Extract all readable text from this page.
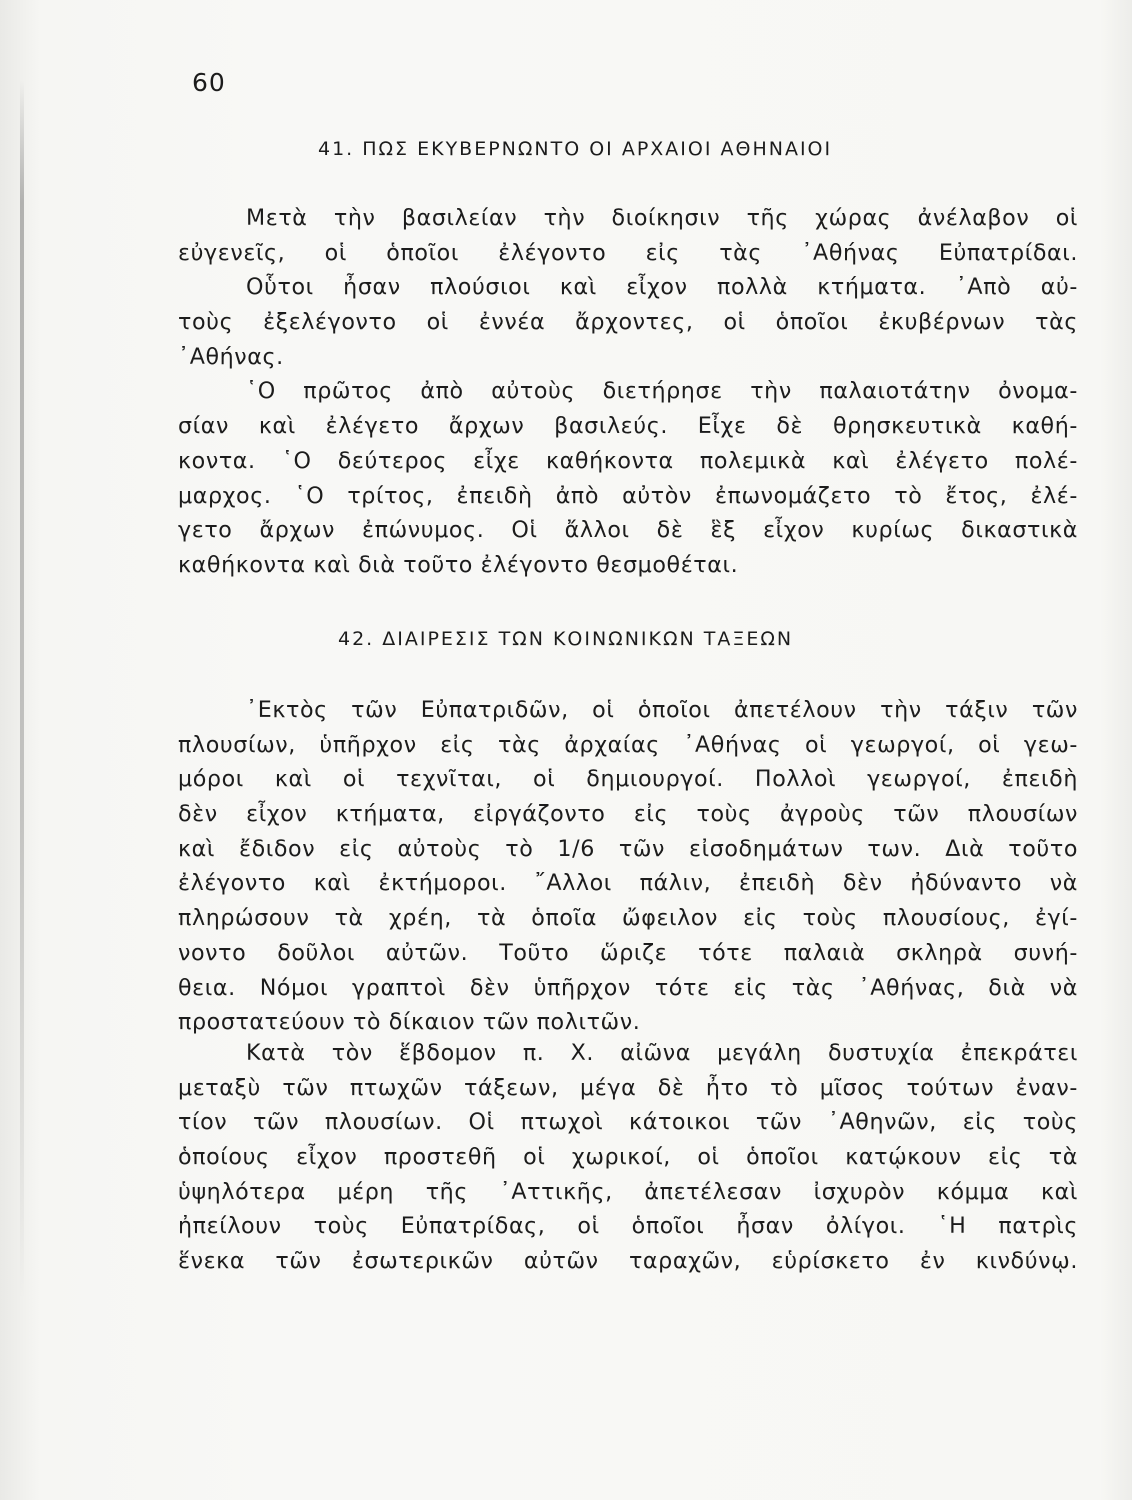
60
41. ΠΩΣ ΕΚΥΒΕΡΝΩΝΤΟ ΟΙ ΑΡΧΑΙΟΙ ΑΘΗΝΑΙΟΙ
Μετὰ τὴν βασιλείαν τὴν διοίκησιν τῆς χώρας ἀνέλαβον οἱ
εὐγενεῖς, οἱ ὁποῖοι ἐλέγοντο εἰς τὰς ᾿Αθήνας Εὐπατρίδαι.
Οὗτοι ἦσαν πλούσιοι καὶ εἶχον πολλὰ κτήματα. ᾿Απὸ αὐ-
τοὺς ἐξελέγοντο οἱ ἐννέα ἄρχοντες, οἱ ὁποῖοι ἐκυβέρνων τὰς
᾿Αθήνας.
῾Ο πρῶτος ἀπὸ αὐτοὺς διετήρησε τὴν παλαιοτάτην ὀνομα-
σίαν καὶ ἐλέγετο ἄρχων βασιλεύς. Εἶχε δὲ θρησκευτικὰ καθή-
κοντα. ῾Ο δεύτερος εἶχε καθήκοντα πολεμικὰ καὶ ἐλέγετο πολέ-
μαρχος. ῾Ο τρίτος, ἐπειδὴ ἀπὸ αὐτὸν ἐπωνομάζετο τὸ ἔτος, ἐλέ-
γετο ἄρχων ἐπώνυμος. Οἱ ἄλλοι δὲ ἓξ εἶχον κυρίως δικαστικὰ
καθήκοντα καὶ διὰ τοῦτο ἐλέγοντο θεσμοθέται.
42. ΔΙΑΙΡΕΣΙΣ ΤΩΝ ΚΟΙΝΩΝΙΚΩΝ ΤΑΞΕΩΝ
᾿Εκτὸς τῶν Εὐπατριδῶν, οἱ ὁποῖοι ἀπετέλουν τὴν τάξιν τῶν
πλουσίων, ὑπῆρχον εἰς τὰς ἀρχαίας ᾿Αθήνας οἱ γεωργοί, οἱ γεω-
μόροι καὶ οἱ τεχνῖται, οἱ δημιουργοί. Πολλοὶ γεωργοί, ἐπειδὴ
δὲν εἶχον κτήματα, εἰργάζοντο εἰς τοὺς ἀγροὺς τῶν πλουσίων
καὶ ἔδιδον εἰς αὐτοὺς τὸ 1/6 τῶν εἰσοδημάτων των. Διὰ τοῦτο
ἐλέγοντο καὶ ἐκτήμοροι. ῎Αλλοι πάλιν, ἐπειδὴ δὲν ἠδύναντο νὰ
πληρώσουν τὰ χρέη, τὰ ὁποῖα ὤφειλον εἰς τοὺς πλουσίους, ἐγί-
νοντο δοῦλοι αὐτῶν. Τοῦτο ὥριζε τότε παλαιὰ σκληρὰ συνή-
θεια. Νόμοι γραπτοὶ δὲν ὑπῆρχον τότε εἰς τὰς ᾿Αθήνας, διὰ νὰ
προστατεύουν τὸ δίκαιον τῶν πολιτῶν.
Κατὰ τὸν ἕβδομον π. Χ. αἰῶνα μεγάλη δυστυχία ἐπεκράτει
μεταξὺ τῶν πτωχῶν τάξεων, μέγα δὲ ἦτο τὸ μῖσος τούτων ἐναν-
τίον τῶν πλουσίων. Οἱ πτωχοὶ κάτοικοι τῶν ᾿Αθηνῶν, εἰς τοὺς
ὁποίους εἶχον προστεθῆ οἱ χωρικοί, οἱ ὁποῖοι κατῴκουν εἰς τὰ
ὑψηλότερα μέρη τῆς ᾿Αττικῆς, ἀπετέλεσαν ἰσχυρὸν κόμμα καὶ
ἠπείλουν τοὺς Εὐπατρίδας, οἱ ὁποῖοι ἦσαν ὀλίγοι. ῾Η πατρὶς
ἕνεκα τῶν ἐσωτερικῶν αὐτῶν ταραχῶν, εὑρίσκετο ἐν κινδύνῳ.
